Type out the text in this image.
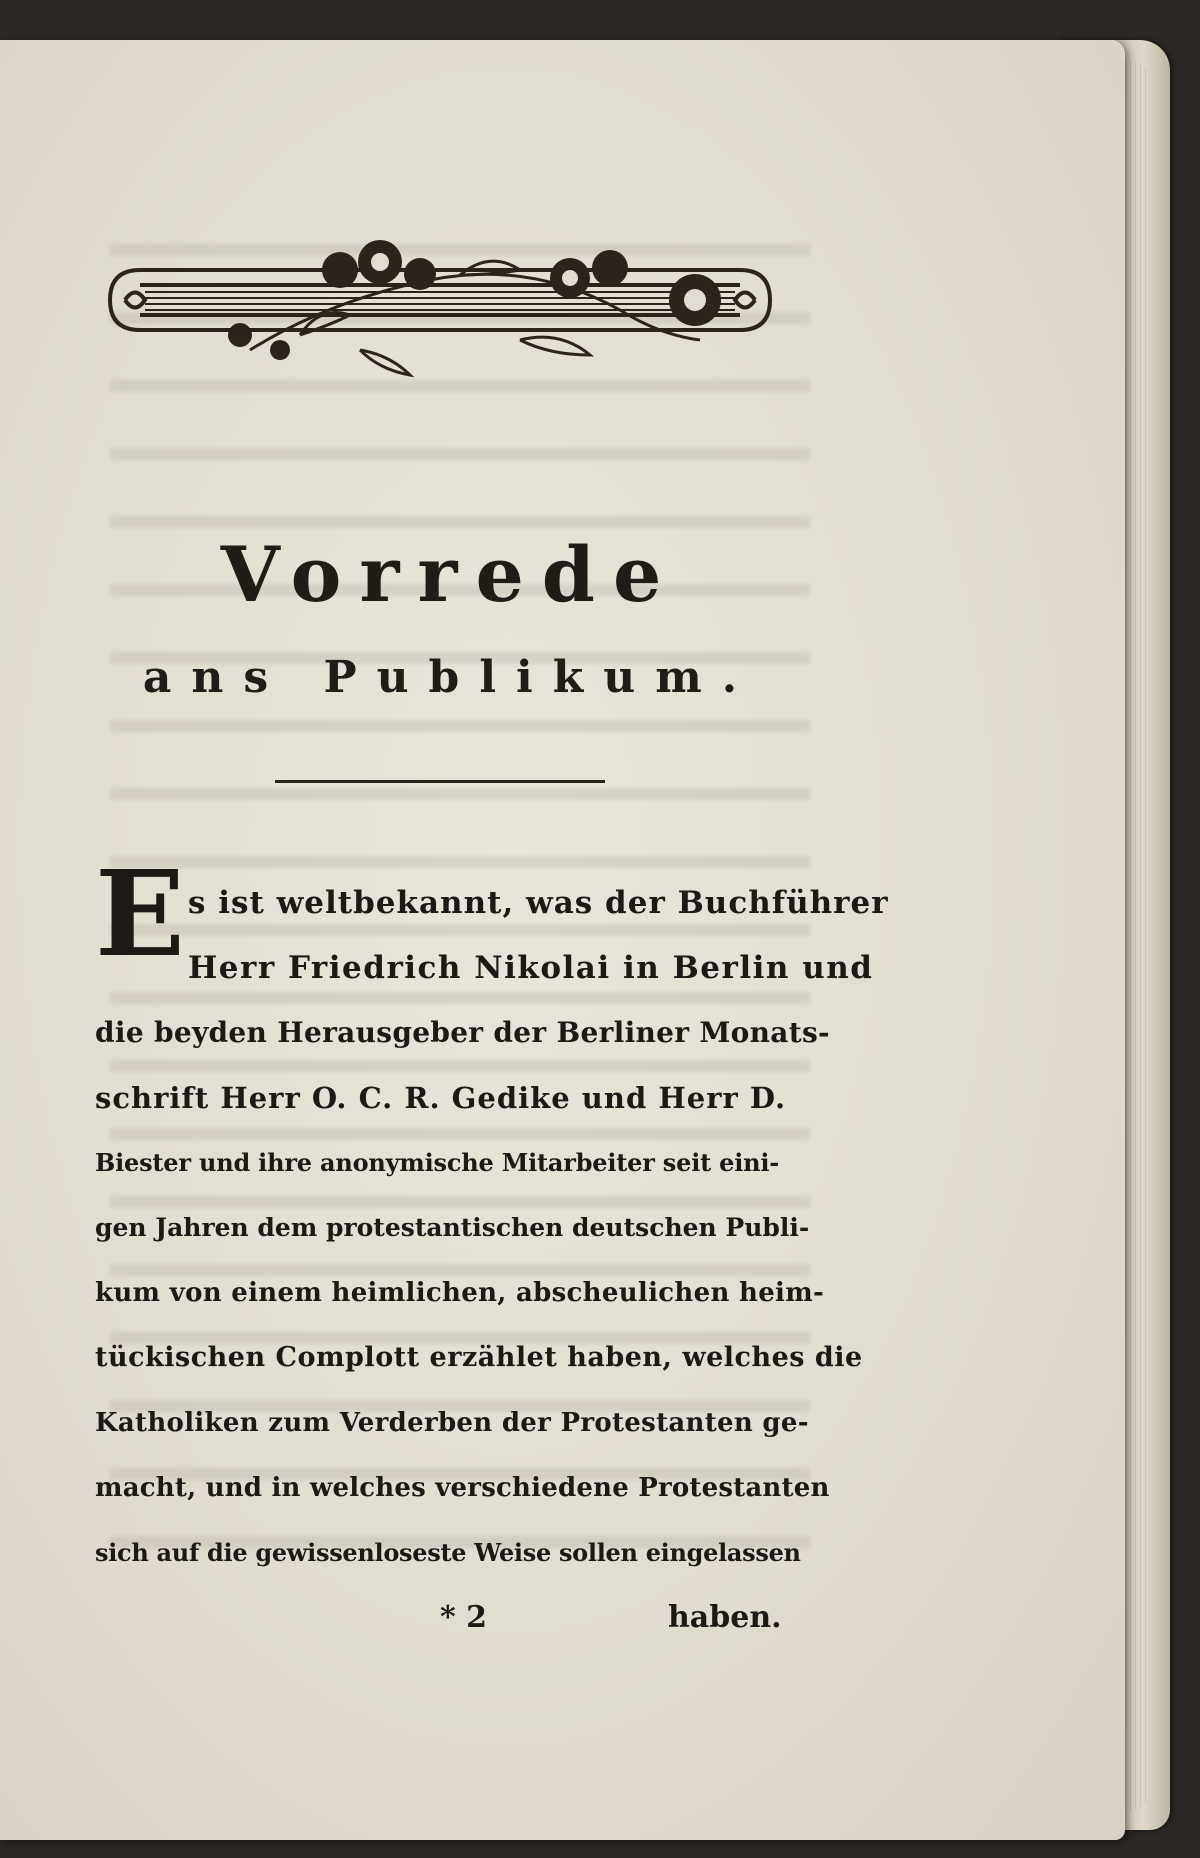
Vorrede
ans Publikum.
E s ist weltbekannt, was der Buchführer
Herr Friedrich Nikolai in Berlin und
die beyden Herausgeber der Berliner Monats-
schrift Herr O. C. R. Gedike und Herr D.
Biester und ihre anonymische Mitarbeiter seit eini-
gen Jahren dem protestantischen deutschen Publi-
kum von einem heimlichen, abscheulichen heim-
tückischen Complott erzählet haben, welches die
Katholiken zum Verderben der Protestanten ge-
macht, und in welches verschiedene Protestanten
sich auf die gewissenloseste Weise sollen eingelassen
* 2	haben.
